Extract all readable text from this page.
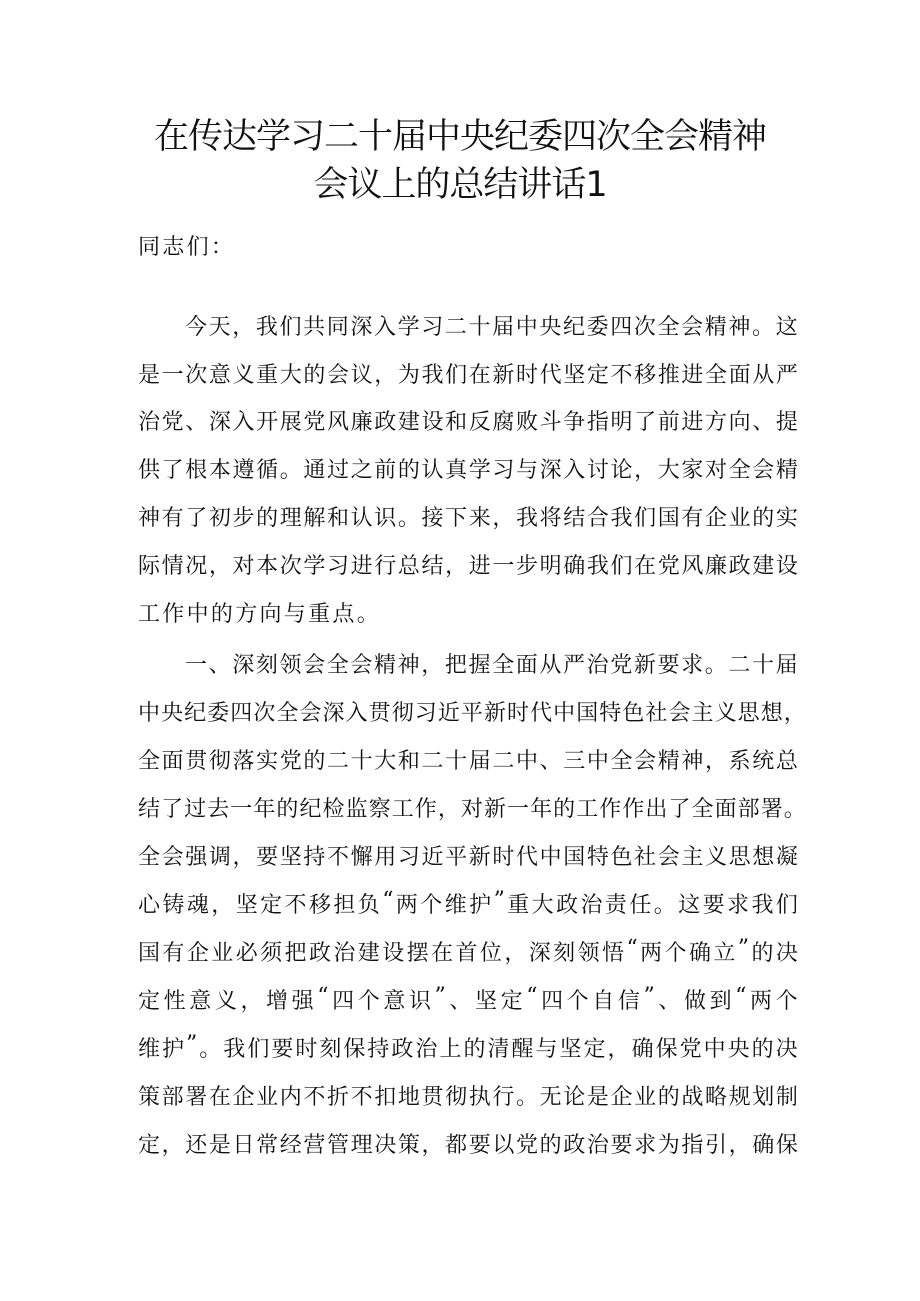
在传达学习二十届中央纪委四次全会精神
会议上的总结讲话1
同志们：
今 天 ， 我 们 共 同 深 入 学 习 二 十 届 中 央 纪 委 四 次 全 会 精 神 。 这
是 一 次 意 义 重 大 的 会 议 ， 为 我 们 在 新 时 代 坚 定 不 移 推 进 全 面 从 严
治 党 、 深 入 开 展 党 风 廉 政 建 设 和 反 腐 败 斗 争 指 明 了 前 进 方 向 、 提
供 了 根 本 遵 循 。 通 过 之 前 的 认 真 学 习 与 深 入 讨 论 ， 大 家 对 全 会 精
神 有 了 初 步 的 理 解 和 认 识 。 接 下 来 ， 我 将 结 合 我 们 国 有 企 业 的 实
际 情 况 ， 对 本 次 学 习 进 行 总 结 ， 进 一 步 明 确 我 们 在 党 风 廉 政 建 设
工作中的方向与重点。
一 、 深 刻 领 会 全 会 精 神 ， 把 握 全 面 从 严 治 党 新 要 求 。 二 十 届
中 央 纪 委 四 次 全 会 深 入 贯 彻 习 近 平 新 时 代 中 国 特 色 社 会 主 义 思 想 ，
全 面 贯 彻 落 实 党 的 二 十 大 和 二 十 届 二 中 、 三 中 全 会 精 神 ， 系 统 总
结 了 过 去 一 年 的 纪 检 监 察 工 作 ， 对 新 一 年 的 工 作 作 出 了 全 面 部 署 。
全 会 强 调 ， 要 坚 持 不 懈 用 习 近 平 新 时 代 中 国 特 色 社 会 主 义 思 想 凝
心 铸 魂 ， 坚 定 不 移 担 负 “ 两 个 维 护 ” 重 大 政 治 责 任 。 这 要 求 我 们
国 有 企 业 必 须 把 政 治 建 设 摆 在 首 位 ， 深 刻 领 悟 “ 两 个 确 立 ” 的 决
定 性 意 义 ， 增 强 “ 四 个 意 识 ” 、 坚 定 “ 四 个 自 信 ” 、 做 到 “ 两 个
维 护 ” 。 我 们 要 时 刻 保 持 政 治 上 的 清 醒 与 坚 定 ， 确 保 党 中 央 的 决
策 部 署 在 企 业 内 不 折 不 扣 地 贯 彻 执 行 。 无 论 是 企 业 的 战 略 规 划 制
定 ， 还 是 日 常 经 营 管 理 决 策 ， 都 要 以 党 的 政 治 要 求 为 指 引 ， 确 保
